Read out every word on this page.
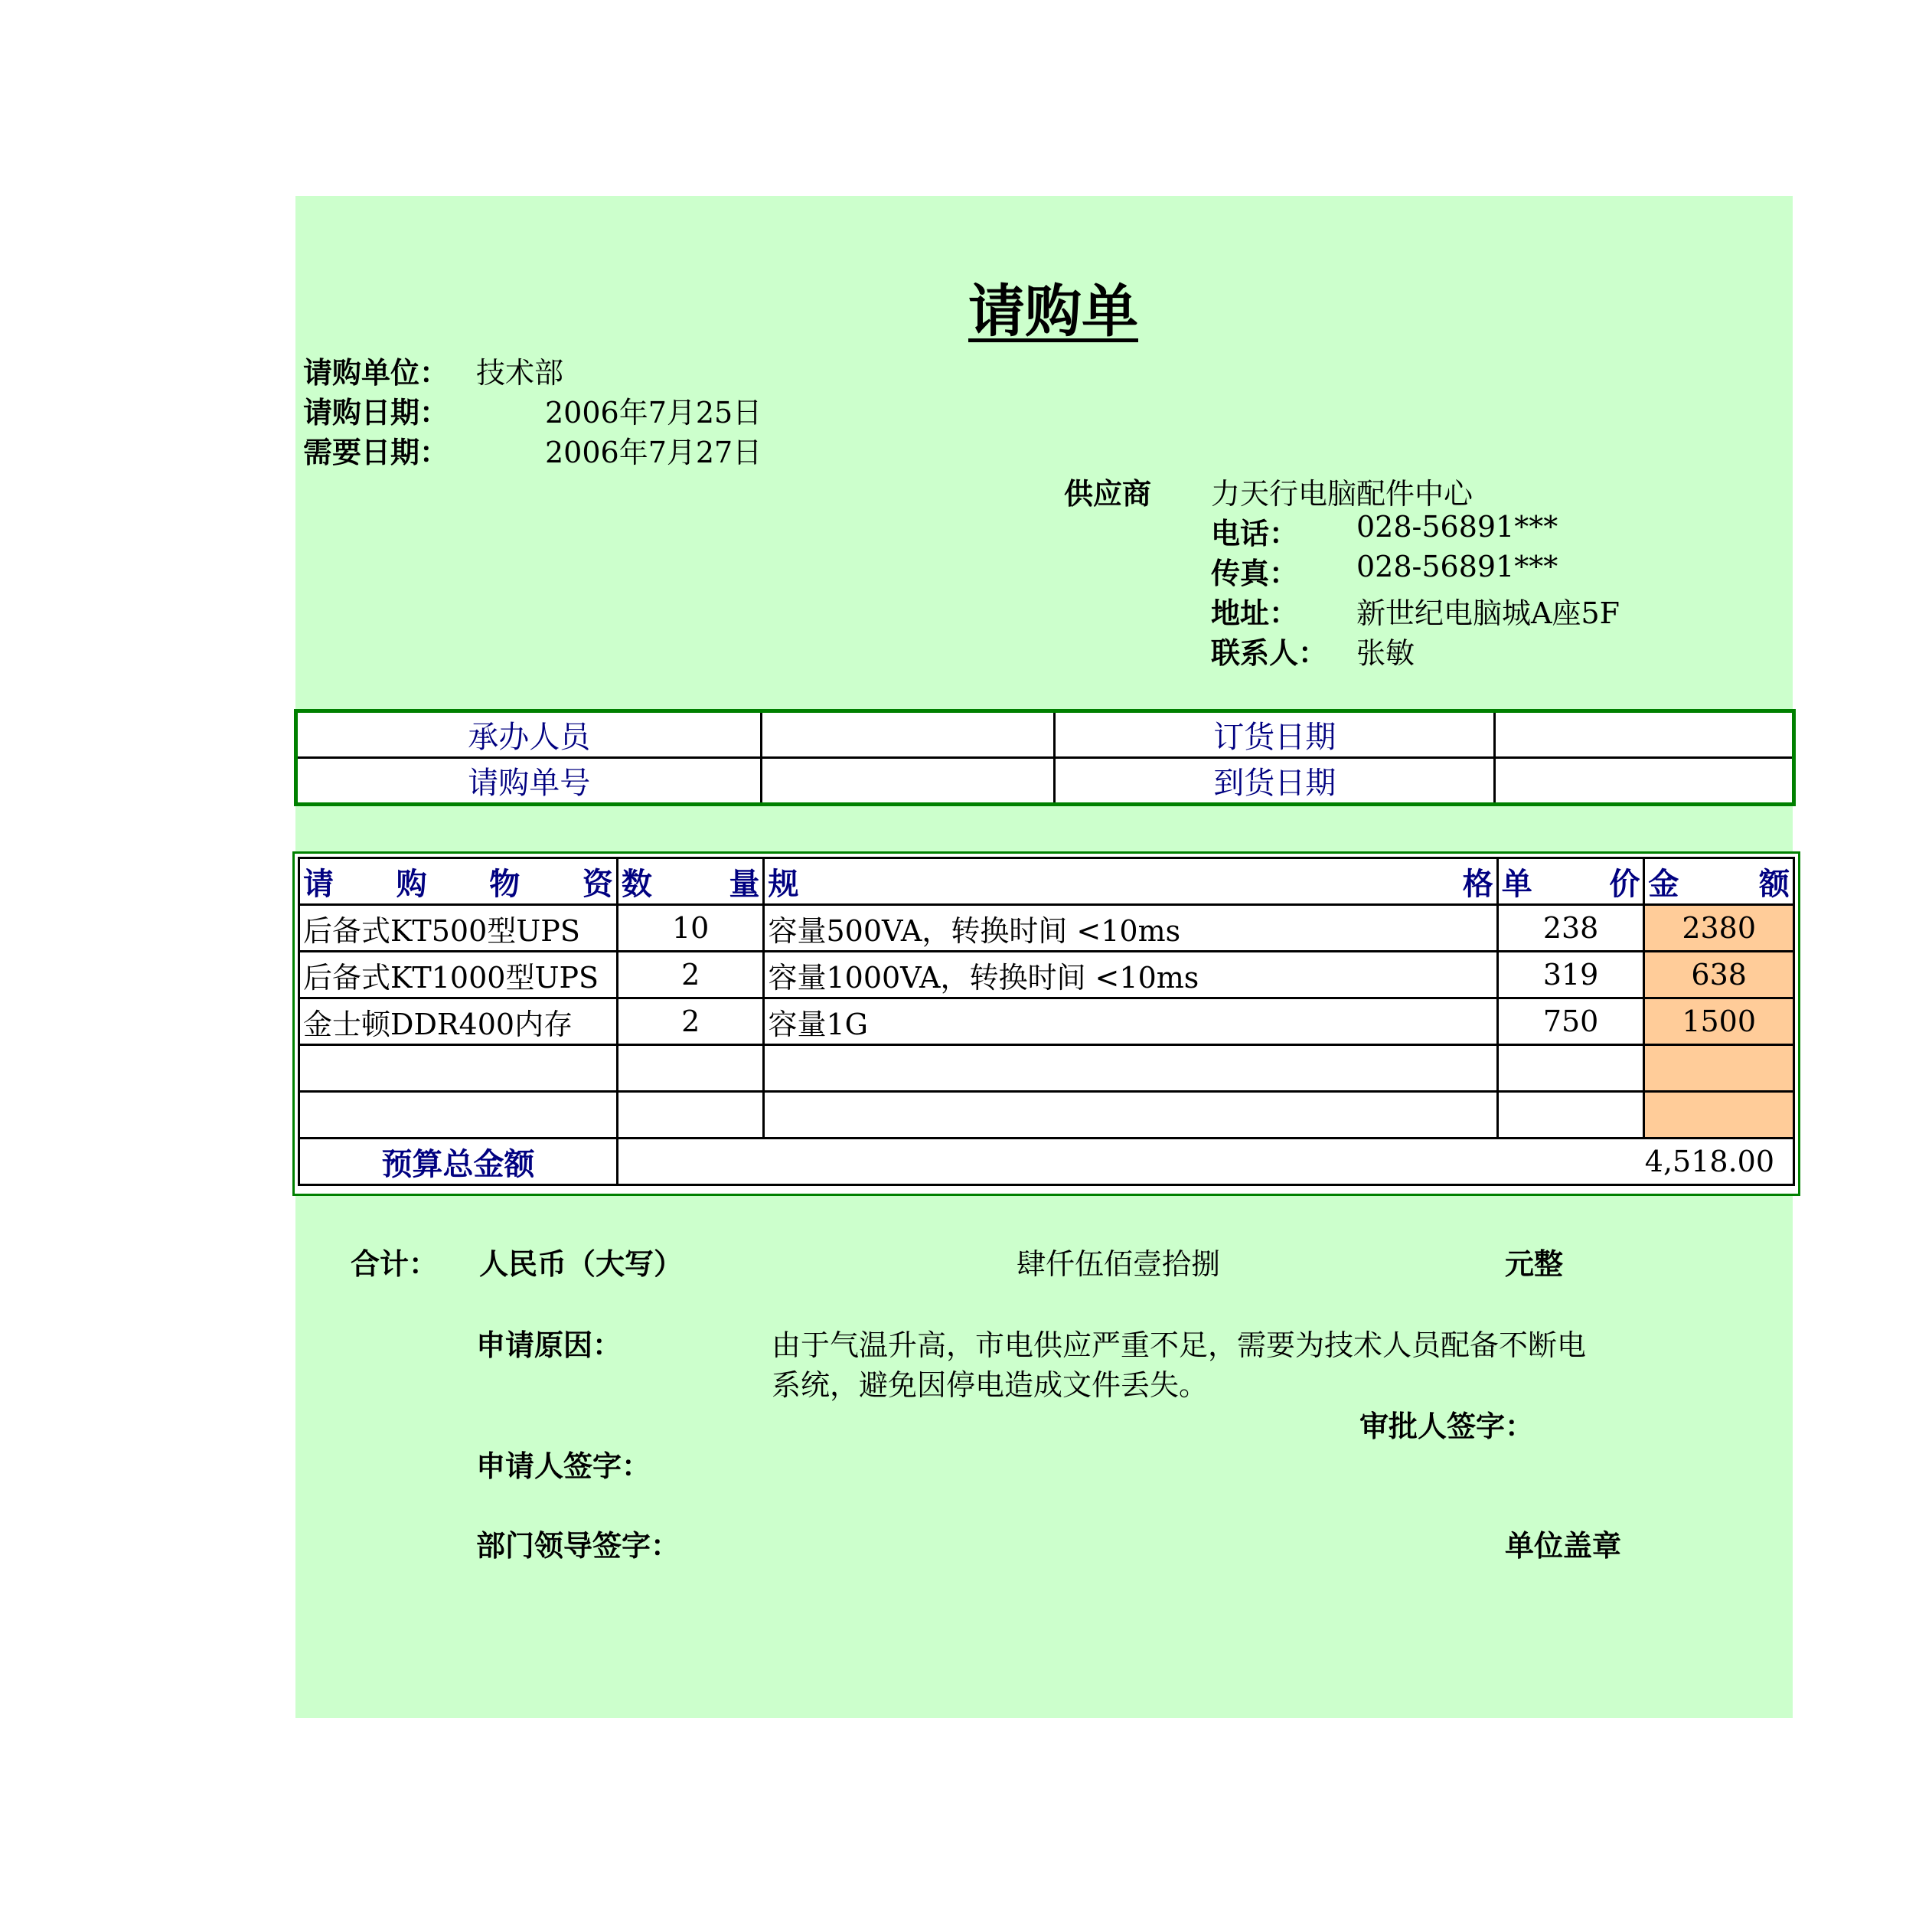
请购单
请购单位： 技术部
请购日期：	2006年7月25日
需要日期：	2006年7月27日
供应商 力天行电脑配件中心
电话： 028-56891***
传真： 028-56891***
地址： 新世纪电脑城A座5F
联系人： 张敏
承办人员		订货日期	
请购单号		到货日期	
请 购 物 资	数 量	规 格	单 价	金 额

后备式KT500型UPS	10	容量500VA，转换时间 <10ms	238	2380
后备式KT1000型UPS	2	容量1000VA，转换时间 <10ms	319	638
金士顿DDR400内存	2	容量1G	750	1500

预算总金额	4,518.00			
合计： 人民币（大写）	肆仟伍佰壹拾捌	元整
申请原因：	由于气温升高，市电供应严重不足，需要为技术人员配备不断电
系统，避免因停电造成文件丢失。
审批人签字：
申请人签字：
部门领导签字：	单位盖章
